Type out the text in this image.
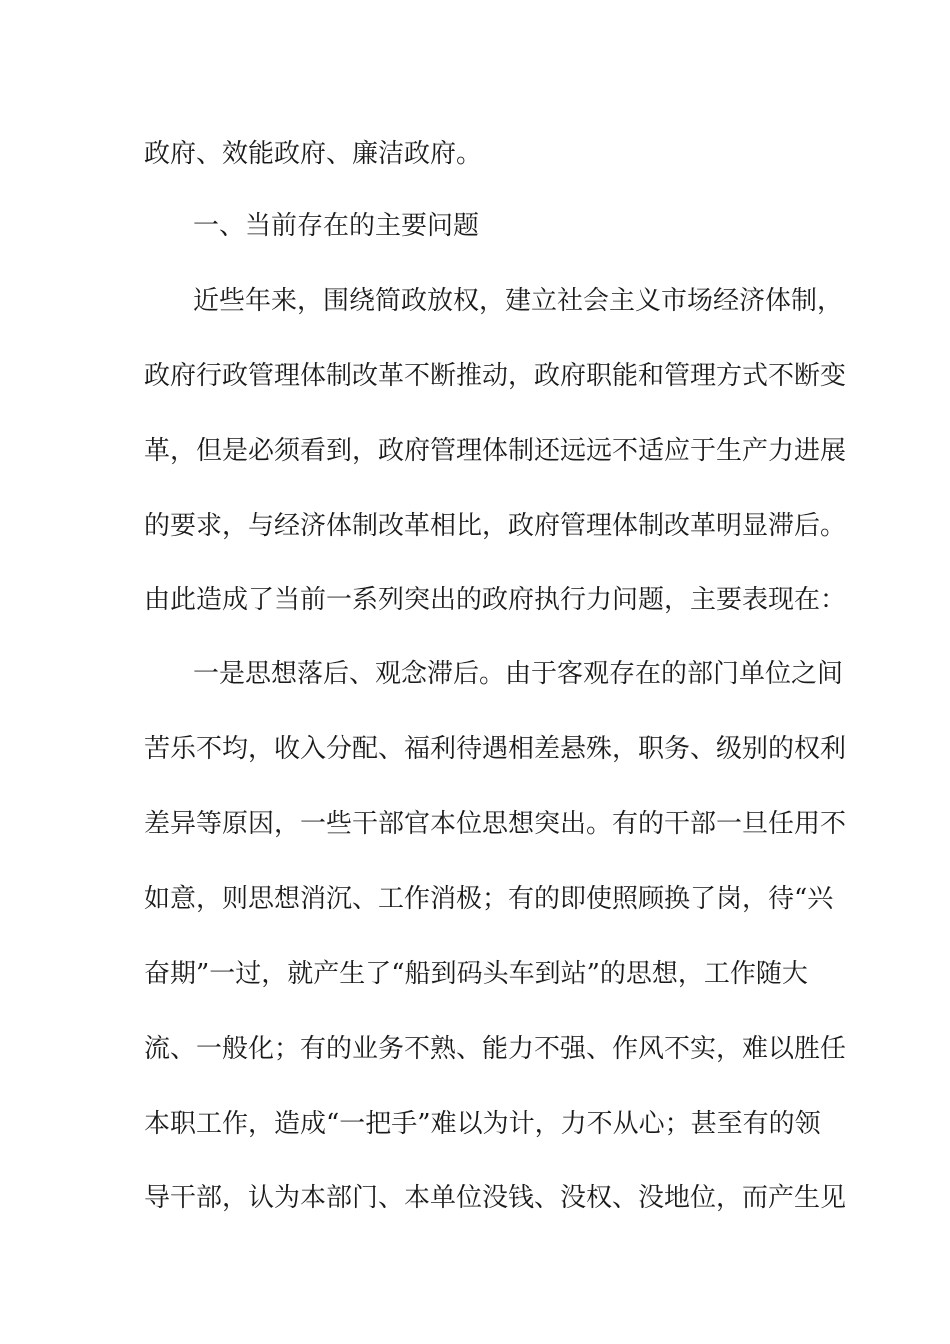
政府、效能政府、廉洁政府。
一、当前存在的主要问题
近些年来，围绕简政放权，建立社会主义市场经济体制，
政府行政管理体制改革不断推动，政府职能和管理方式不断变
革，但是必须看到，政府管理体制还远远不适应于生产力进展
的要求，与经济体制改革相比，政府管理体制改革明显滞后。
由此造成了当前一系列突出的政府执行力问题，主要表现在：
一是思想落后、观念滞后。由于客观存在的部门单位之间
苦乐不均，收入分配、福利待遇相差悬殊，职务、级别的权利
差异等原因，一些干部官本位思想突出。有的干部一旦任用不
如意，则思想消沉、工作消极；有的即使照顾换了岗，待“兴
奋期”一过，就产生了“船到码头车到站”的思想，工作随大
流、一般化；有的业务不熟、能力不强、作风不实，难以胜任
本职工作，造成“一把手”难以为计，力不从心；甚至有的领
导干部，认为本部门、本单位没钱、没权、没地位，而产生见
